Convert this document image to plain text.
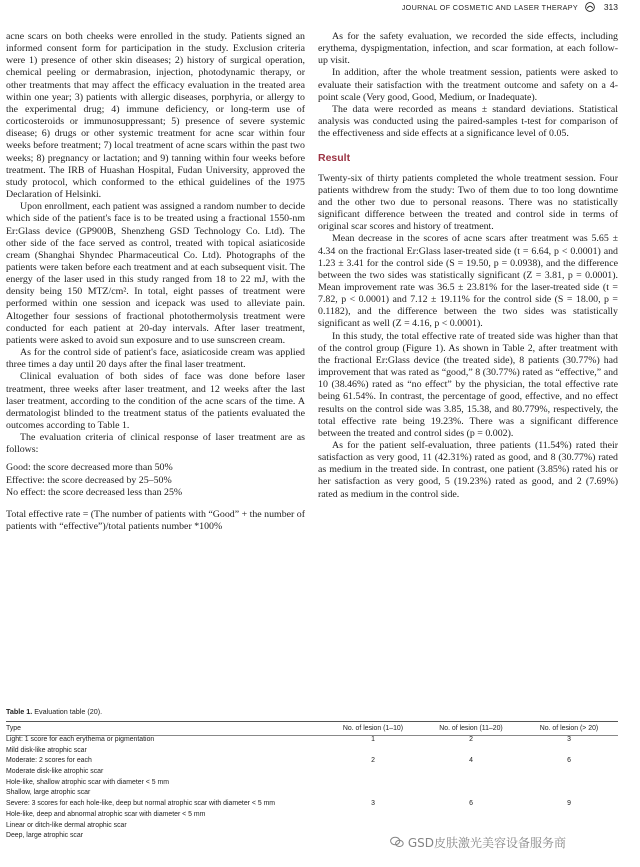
JOURNAL OF COSMETIC AND LASER THERAPY	313

acne scars on both cheeks were enrolled in the study. Patients signed an informed consent form for participation in the study. Exclusion criteria were 1) presence of other skin diseases; 2) history of surgical operation, chemical peeling or dermabrasion, injection, photodynamic therapy, or other treatments that may affect the efficacy evaluation in the treated area within one year; 3) patients with allergic diseases, porphyria, or allergy to the experimental drug; 4) immune deficiency, or long-term use of corticosteroids or immunosuppressant; 5) presence of severe systemic disease; 6) drugs or other systemic treatment for acne scar within four weeks before treatment; 7) local treatment of acne scars within the past two weeks; 8) pregnancy or lactation; and 9) tanning within four weeks before treatment. The IRB of Huashan Hospital, Fudan University, approved the study protocol, which conformed to the ethical guidelines of the 1975 Declaration of Helsinki.

Upon enrollment, each patient was assigned a random number to decide which side of the patient's face is to be treated using a fractional 1550-nm Er:Glass device (GP900B, Shenzheng GSD Technology Co. Ltd). The other side of the face served as control, treated with topical asiaticoside cream (Shanghai Shyndec Pharmaceutical Co. Ltd). Photographs of the patients were taken before each treatment and at each subsequent visit. The energy of the laser used in this study ranged from 18 to 22 mJ, with the density being 150 MTZ/cm². In total, eight passes of treatment were performed within one session and icepack was used to alleviate pain. Altogether four sessions of fractional photothermolysis treatment were conducted for each patient at 20-day intervals. After laser treatment, patients were asked to avoid sun exposure and to use sunscreen cream.

As for the control side of patient's face, asiaticoside cream was applied three times a day until 20 days after the final laser treatment.

Clinical evaluation of both sides of face was done before laser treatment, three weeks after laser treatment, and 12 weeks after the last laser treatment, according to the condition of the acne scars of the time. A dermatologist blinded to the treatment status of the patients evaluated the outcomes according to Table 1.

The evaluation criteria of clinical response of laser treatment are as follows:

Good: the score decreased more than 50%

Effective: the score decreased by 25–50%

No effect: the score decreased less than 25%

Total effective rate = (The number of patients with “Good” + the number of patients with “effective”)/total patients number *100%

As for the safety evaluation, we recorded the side effects, including erythema, dyspigmentation, infection, and scar formation, at each follow-up visit.

In addition, after the whole treatment session, patients were asked to evaluate their satisfaction with the treatment outcome and safety on a 4-point scale (Very good, Good, Medium, or Inadequate).

The data were recorded as means ± standard deviations. Statistical analysis was conducted using the paired-samples t-test for comparison of the effectiveness and side effects at a significance level of 0.05.

Result

Twenty-six of thirty patients completed the whole treatment session. Four patients withdrew from the study: Two of them due to too long downtime and the other two due to personal reasons. There was no statistically significant difference between the treated and control side in terms of original scar scores and history of treatment.

Mean decrease in the scores of acne scars after treatment was 5.65 ± 4.34 on the fractional Er:Glass laser-treated side (t = 6.64, p < 0.0001) and 1.23 ± 3.41 for the control side (S = 19.50, p = 0.0938), and the difference between the two sides was statistically significant (Z = 3.81, p = 0.0001). Mean improvement rate was 36.5 ± 23.81% for the laser-treated side (t = 7.82, p < 0.0001) and 7.12 ± 19.11% for the control side (S = 18.00, p = 0.1182), and the difference between the two sides was statistically significant as well (Z = 4.16, p < 0.0001).

In this study, the total effective rate of treated side was higher than that of the control group (Figure 1). As shown in Table 2, after treatment with the fractional Er:Glass device (the treated side), 8 patients (30.77%) had improvement that was rated as “good,” 8 (30.77%) rated as “effective,” and 10 (38.46%) rated as “no effect” by the physician, the total effective rate being 61.54%. In contrast, the percentage of good, effective, and no effect results on the control side was 3.85, 15.38, and 80.779%, respectively, the total effective rate being 19.23%. There was a significant difference between the treated and control sides (p = 0.002).

As for the patient self-evaluation, three patients (11.54%) rated their satisfaction as very good, 11 (42.31%) rated as good, and 8 (30.77%) rated as medium in the treated side. In contrast, one patient (3.85%) rated his or her satisfaction as very good, 5 (19.23%) rated as good, and 2 (7.69%) rated as medium in the control side.

Table 1. Evaluation table (20).
Type	No. of lesion (1–10)	No. of lesion (11–20)	No. of lesion (> 20)
Light: 1 score for each erythema or pigmentation	1	2	3
Mild disk-like atrophic scar			
Moderate: 2 scores for each	2	4	6
Moderate disk-like atrophic scar			
Hole-like, shallow atrophic scar with diameter < 5 mm			
Shallow, large atrophic scar			
Severe: 3 scores for each hole-like, deep but normal atrophic scar with diameter < 5 mm	3	6	9
Hole-like, deep and abnormal atrophic scar with diameter < 5 mm			
Linear or ditch-like dermal atrophic scar			
Deep, large atrophic scar			
GSD皮肤激光美容设备服务商
